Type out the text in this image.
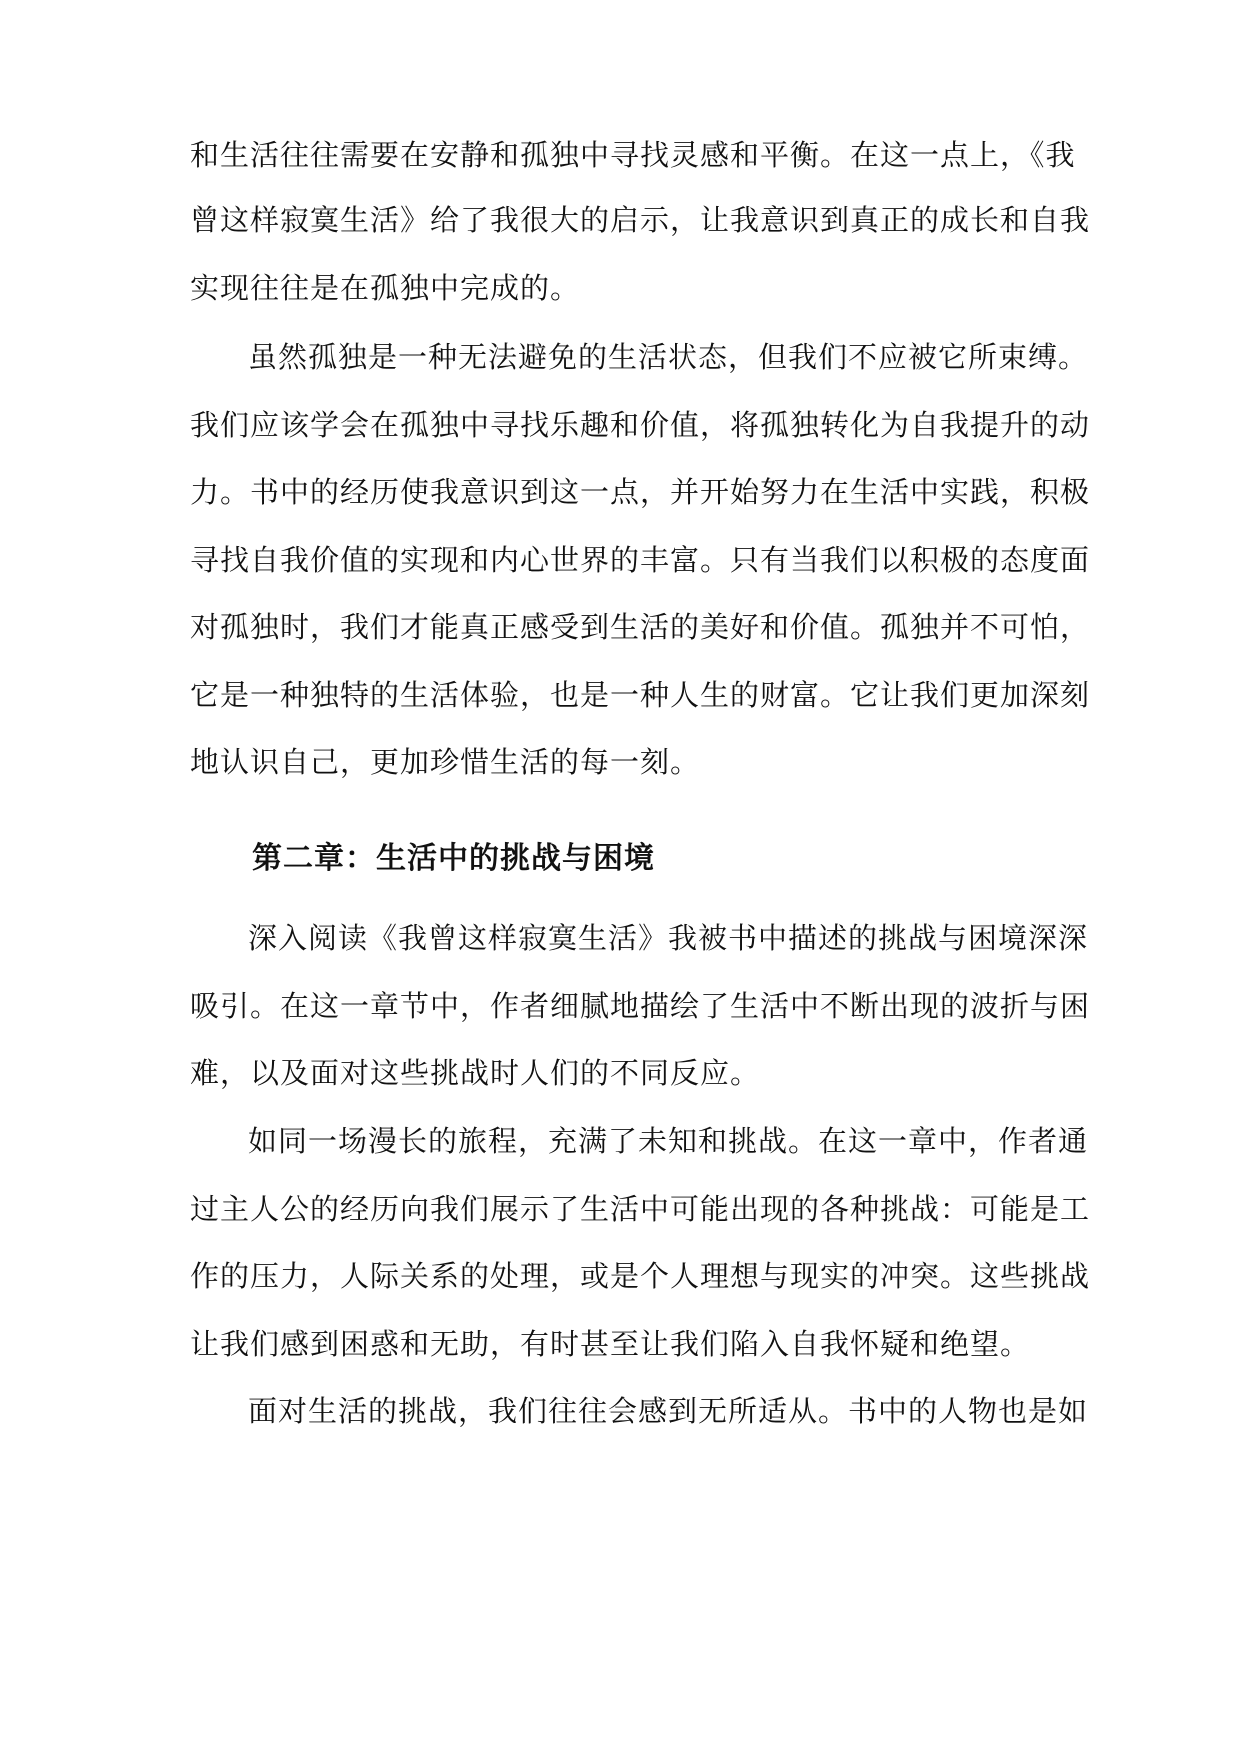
和生活往往需要在安静和孤独中寻找灵感和平衡。在这一点上，《我
曾这样寂寞生活》给了我很大的启示，让我意识到真正的成长和自我
实现往往是在孤独中完成的。
虽然孤独是一种无法避免的生活状态，但我们不应被它所束缚。
我们应该学会在孤独中寻找乐趣和价值，将孤独转化为自我提升的动
力。书中的经历使我意识到这一点，并开始努力在生活中实践，积极
寻找自我价值的实现和内心世界的丰富。只有当我们以积极的态度面
对孤独时，我们才能真正感受到生活的美好和价值。孤独并不可怕，
它是一种独特的生活体验，也是一种人生的财富。它让我们更加深刻
地认识自己，更加珍惜生活的每一刻。
第二章：生活中的挑战与困境
深入阅读《我曾这样寂寞生活》我被书中描述的挑战与困境深深
吸引。在这一章节中，作者细腻地描绘了生活中不断出现的波折与困
难，以及面对这些挑战时人们的不同反应。
如同一场漫长的旅程，充满了未知和挑战。在这一章中，作者通
过主人公的经历向我们展示了生活中可能出现的各种挑战：可能是工
作的压力，人际关系的处理，或是个人理想与现实的冲突。这些挑战
让我们感到困惑和无助，有时甚至让我们陷入自我怀疑和绝望。
面对生活的挑战，我们往往会感到无所适从。书中的人物也是如
